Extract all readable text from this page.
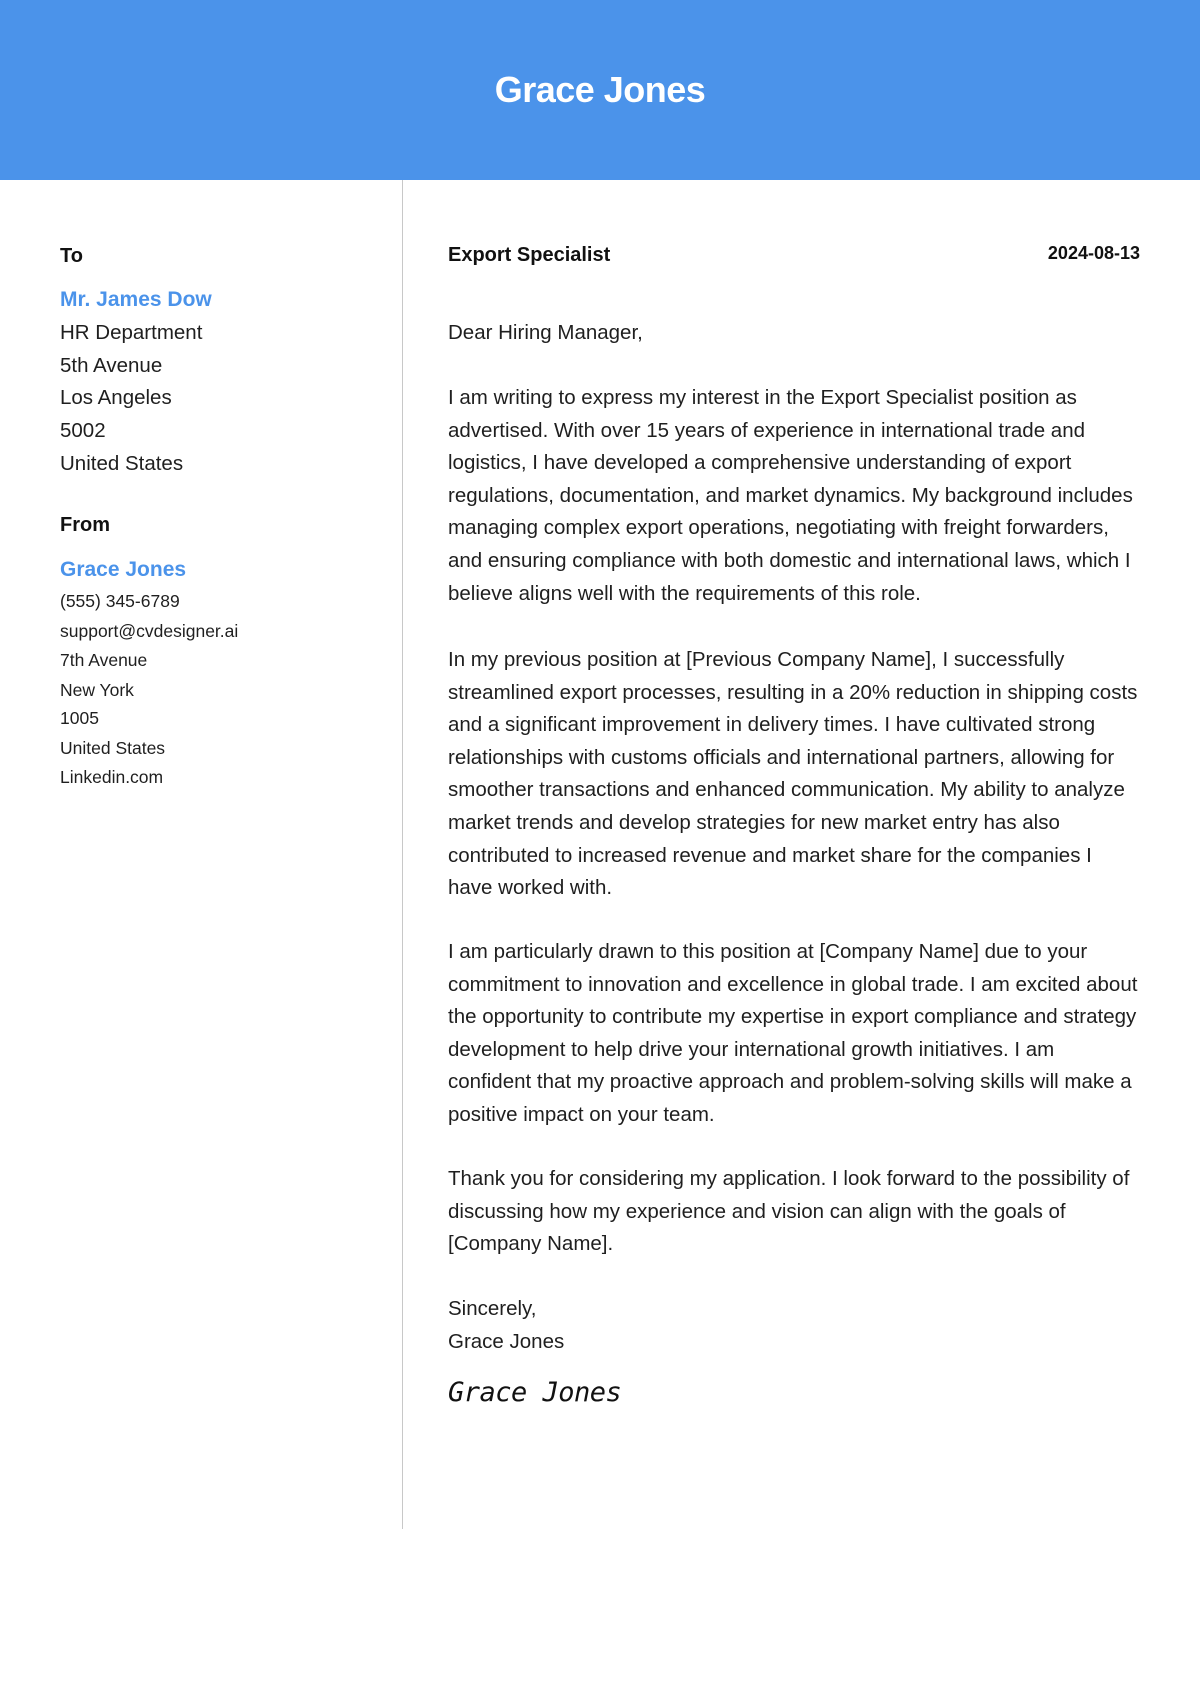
Grace Jones
To
Mr. James Dow
HR Department
5th Avenue
Los Angeles
5002
United States
From
Grace Jones
(555) 345-6789
support@cvdesigner.ai
7th Avenue
New York
1005
United States
Linkedin.com
Export Specialist	2024-08-13

Dear Hiring Manager,

I am writing to express my interest in the Export Specialist position as advertised. With over 15 years of experience in international trade and logistics, I have developed a comprehensive understanding of export regulations, documentation, and market dynamics. My background includes managing complex export operations, negotiating with freight forwarders, and ensuring compliance with both domestic and international laws, which I believe aligns well with the requirements of this role.

In my previous position at [Previous Company Name], I successfully streamlined export processes, resulting in a 20% reduction in shipping costs and a significant improvement in delivery times. I have cultivated strong relationships with customs officials and international partners, allowing for smoother transactions and enhanced communication. My ability to analyze market trends and develop strategies for new market entry has also contributed to increased revenue and market share for the companies I have worked with.

I am particularly drawn to this position at [Company Name] due to your commitment to innovation and excellence in global trade. I am excited about the opportunity to contribute my expertise in export compliance and strategy development to help drive your international growth initiatives. I am confident that my proactive approach and problem-solving skills will make a positive impact on your team.

Thank you for considering my application. I look forward to the possibility of discussing how my experience and vision can align with the goals of [Company Name].

Sincerely,

Grace Jones

Grace Jones
